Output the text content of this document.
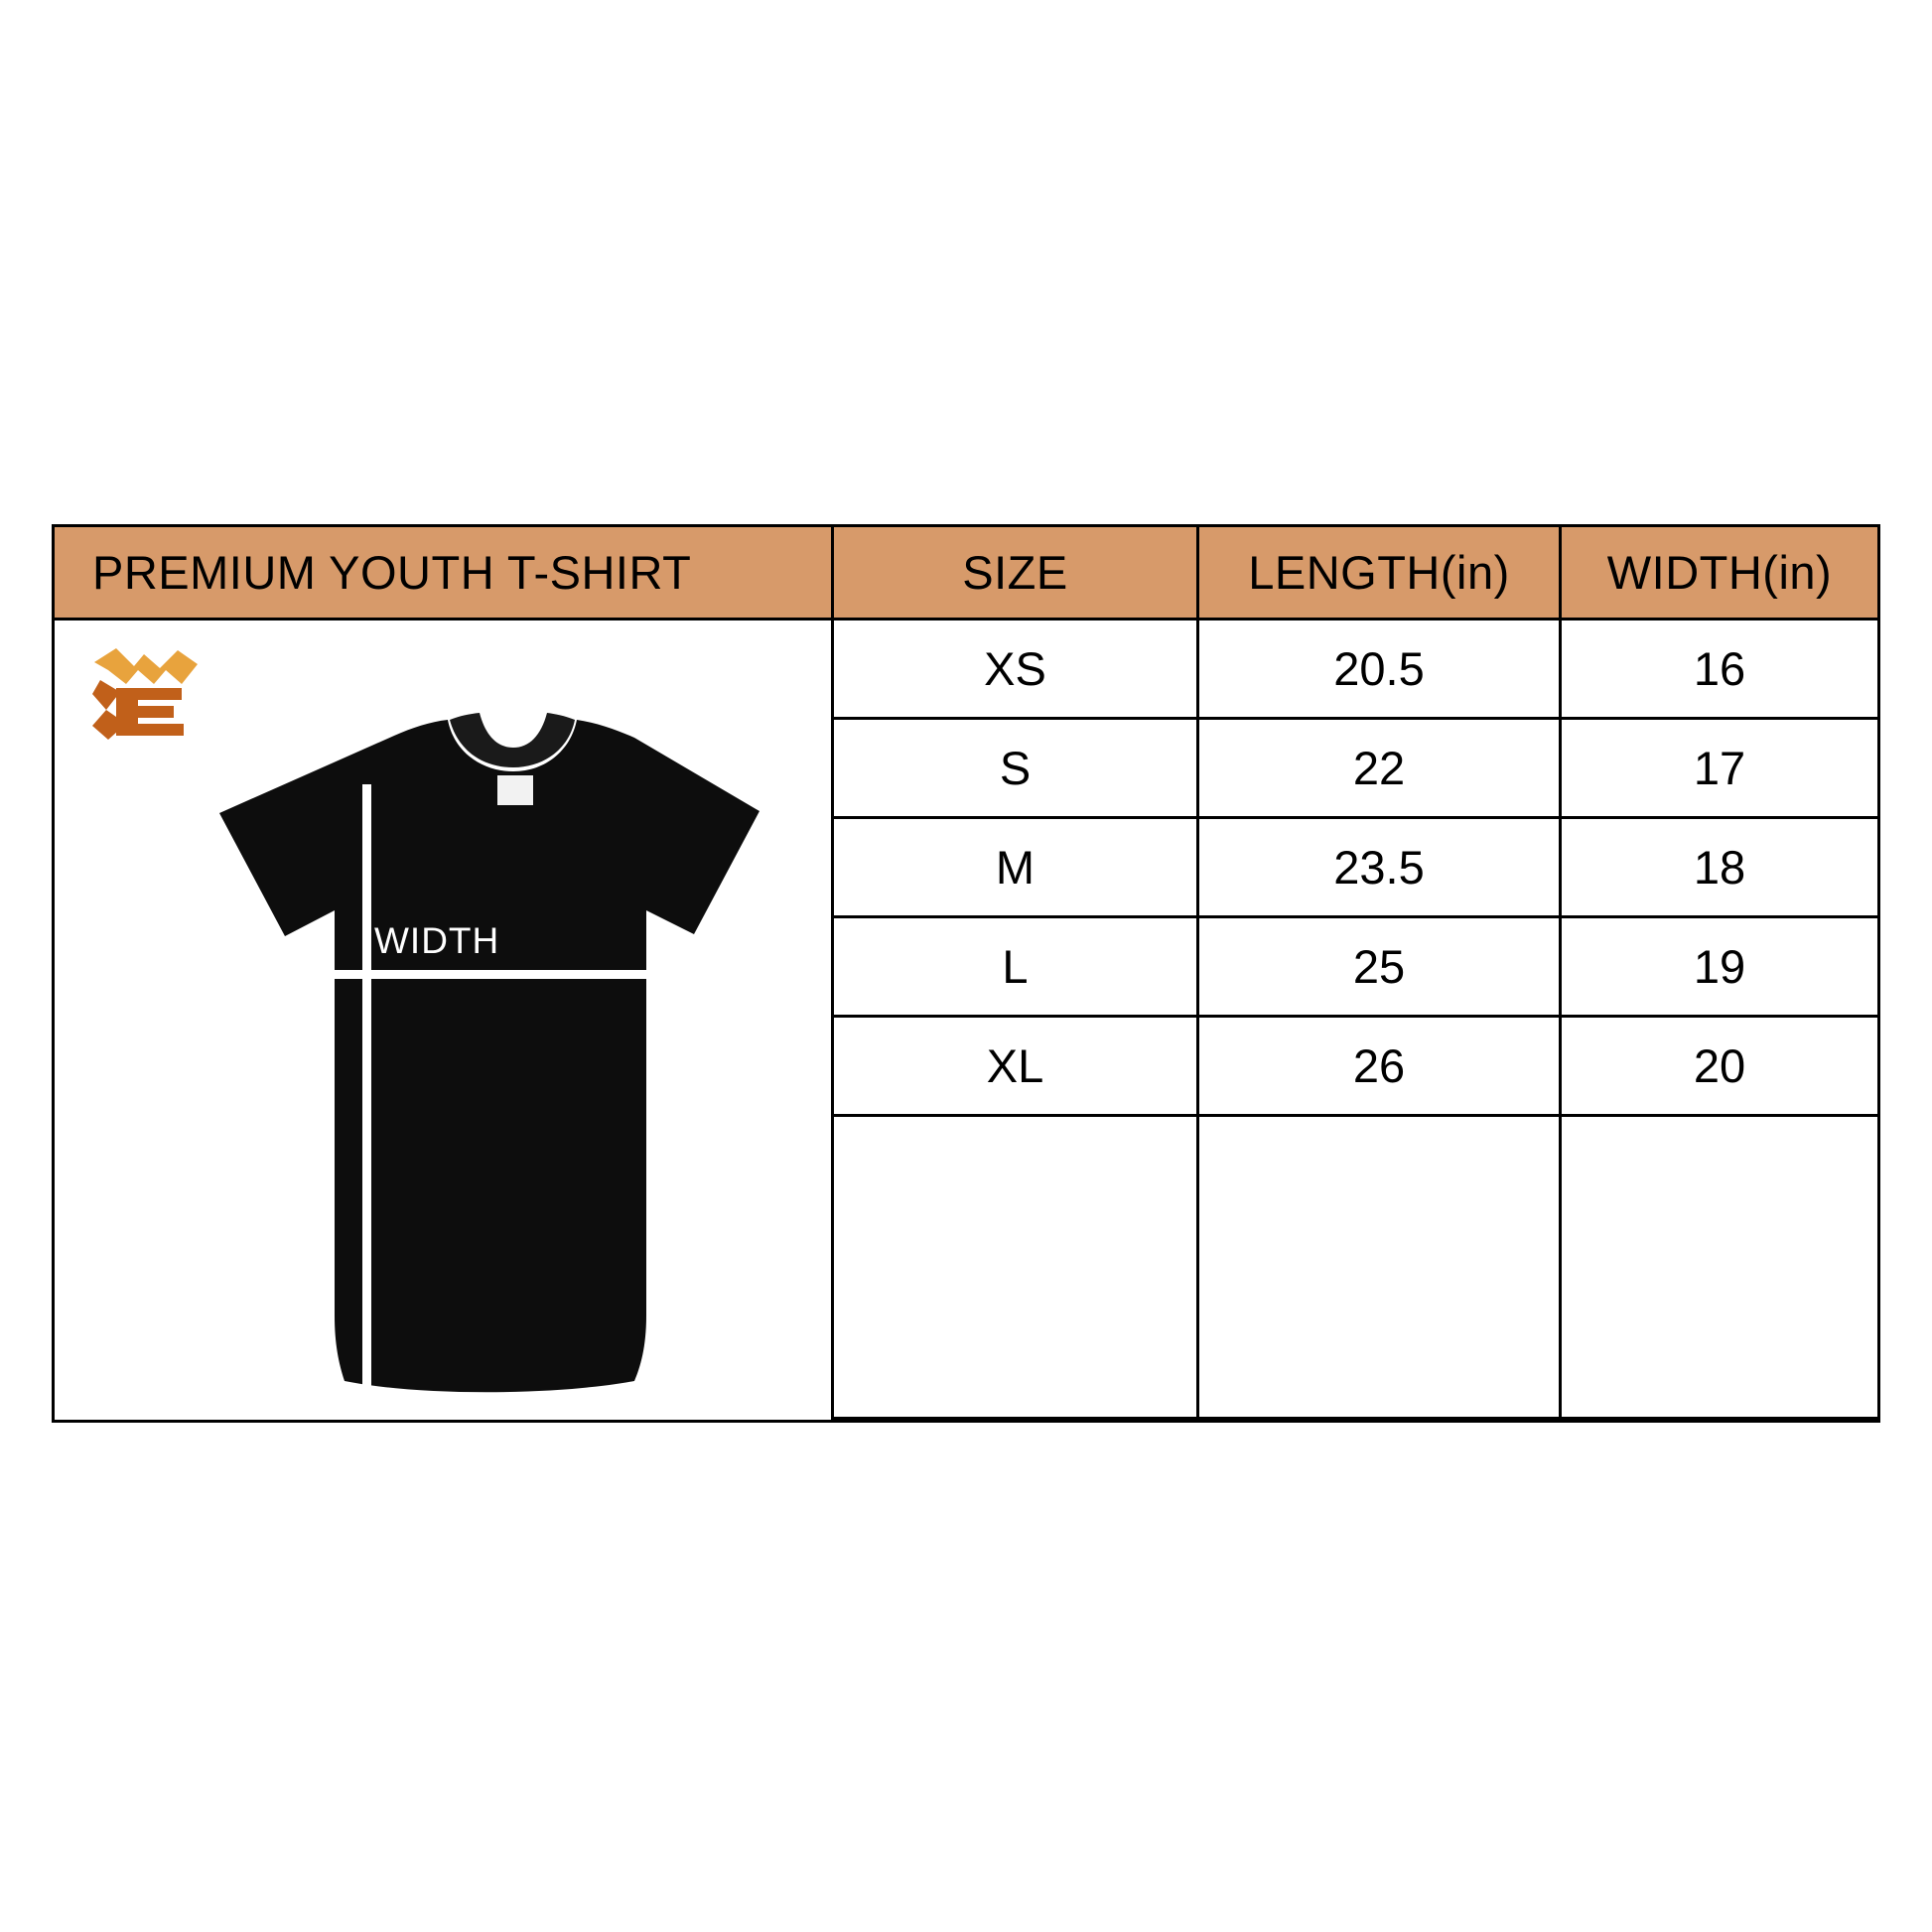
PREMIUM YOUTH T-SHIRT	SIZE	LENGTH(in)	WIDTH(in)
WIDTH
LENGTH
XS	20.5	16
S	22	17
M	23.5	18
L	25	19
XL	26	20
